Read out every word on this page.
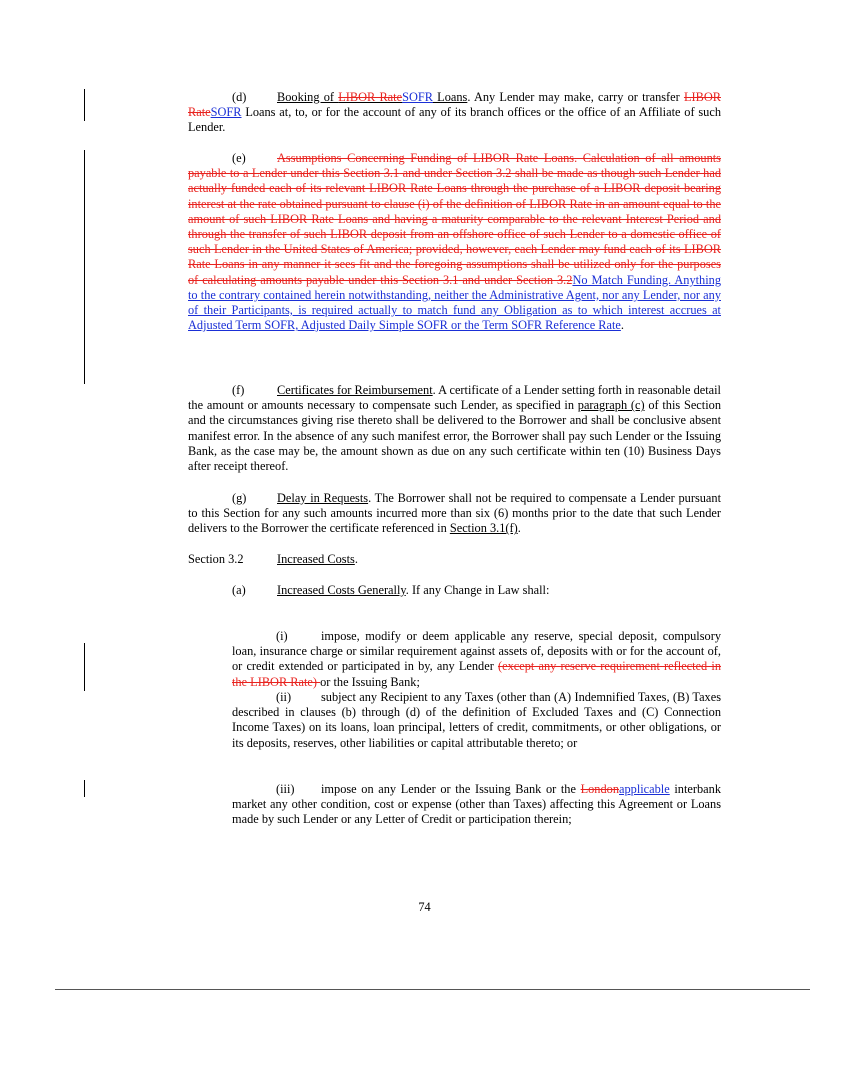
(d) Booking of LIBOR RateSOFR Loans. Any Lender may make, carry or transfer LIBOR RateSOFR Loans at, to, or for the account of any of its branch offices or the office of an Affiliate of such Lender.

(e)	Assumptions Concerning Funding of LIBOR Rate Loans. Calculation of all amounts payable to a Lender under this Section 3.1 and under Section 3.2 shall be made as though such Lender had actually funded each of its relevant LIBOR Rate Loans through the purchase of a LIBOR deposit bearing interest at the rate obtained pursuant to clause (i) of the definition of LIBOR Rate in an amount equal to the amount of such LIBOR Rate Loans and having a maturity comparable to the relevant Interest Period and through the transfer of such LIBOR deposit from an offshore office of such Lender to a domestic office of such Lender in the United States of America; provided, however, each Lender may fund each of its LIBOR Rate Loans in any manner it sees fit and the foregoing assumptions shall be utilized only for the purposes of calculating amounts payable under this Section 3.1 and under Section 3.2No Match Funding. Anything to the contrary contained herein notwithstanding, neither the Administrative Agent, nor any Lender, nor any of their Participants, is required actually to match fund any Obligation as to which interest accrues at Adjusted Term SOFR, Adjusted Daily Simple SOFR or the Term SOFR Reference Rate.

(f)	Certificates for Reimbursement. A certificate of a Lender setting forth in reasonable detail the amount or amounts necessary to compensate such Lender, as specified in paragraph (c) of this Section and the circumstances giving rise thereto shall be delivered to the Borrower and shall be conclusive absent manifest error. In the absence of any such manifest error, the Borrower shall pay such Lender or the Issuing Bank, as the case may be, the amount shown as due on any such certificate within ten (10) Business Days after receipt thereof.

(g) Delay in Requests. The Borrower shall not be required to compensate a Lender pursuant to this Section for any such amounts incurred more than six (6) months prior to the date that such Lender delivers to the Borrower the certificate referenced in Section 3.1(f).

Section 3.2	Increased Costs.

(a)	Increased Costs Generally. If any Change in Law shall:

(i)	impose, modify or deem applicable any reserve, special deposit, compulsory loan, insurance charge or similar requirement against assets of, deposits with or for the account of, or credit extended or participated in by, any Lender (except any reserve requirement reflected in the LIBOR Rate) or the Issuing Bank;

(ii) subject any Recipient to any Taxes (other than (A) Indemnified Taxes, (B) Taxes described in clauses (b) through (d) of the definition of Excluded Taxes and (C) Connection Income Taxes) on its loans, loan principal, letters of credit, commitments, or other obligations, or its deposits, reserves, other liabilities or capital attributable thereto; or

(iii) impose on any Lender or the Issuing Bank or the Londonapplicable interbank market any other condition, cost or expense (other than Taxes) affecting this Agreement or Loans made by such Lender or any Letter of Credit or participation therein;

74
